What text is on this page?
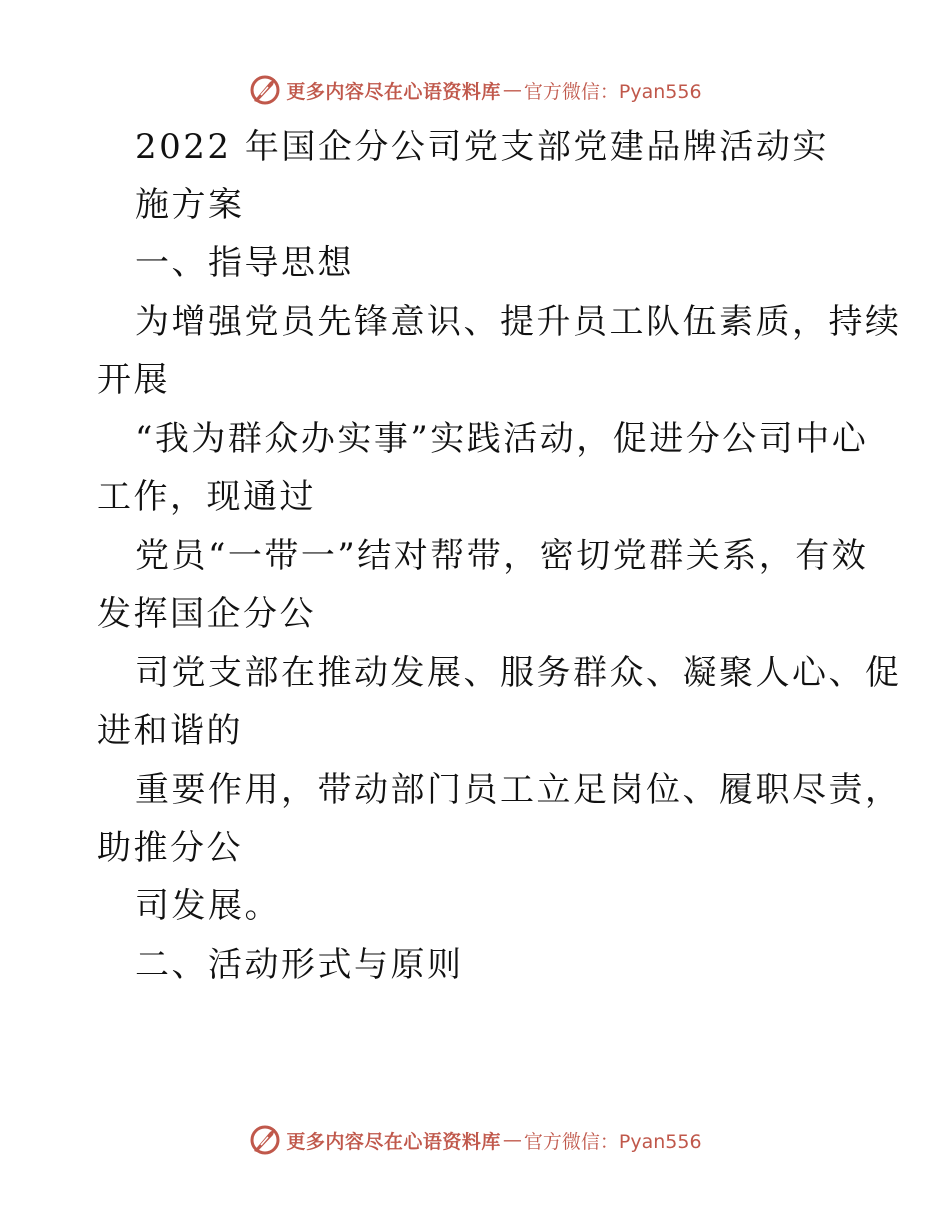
更多内容尽在心语资料库 — 官方微信：Pyan556
2022 年国企分公司党支部党建品牌活动实
施方案
一、指导思想
为增强党员先锋意识、提升员工队伍素质，持续
开展
“我为群众办实事”实践活动，促进分公司中心
工作，现通过
党员“一带一”结对帮带，密切党群关系，有效
发挥国企分公
司党支部在推动发展、服务群众、凝聚人心、促
进和谐的
重要作用，带动部门员工立足岗位、履职尽责，
助推分公
司发展。
二、活动形式与原则
更多内容尽在心语资料库 — 官方微信：Pyan556
